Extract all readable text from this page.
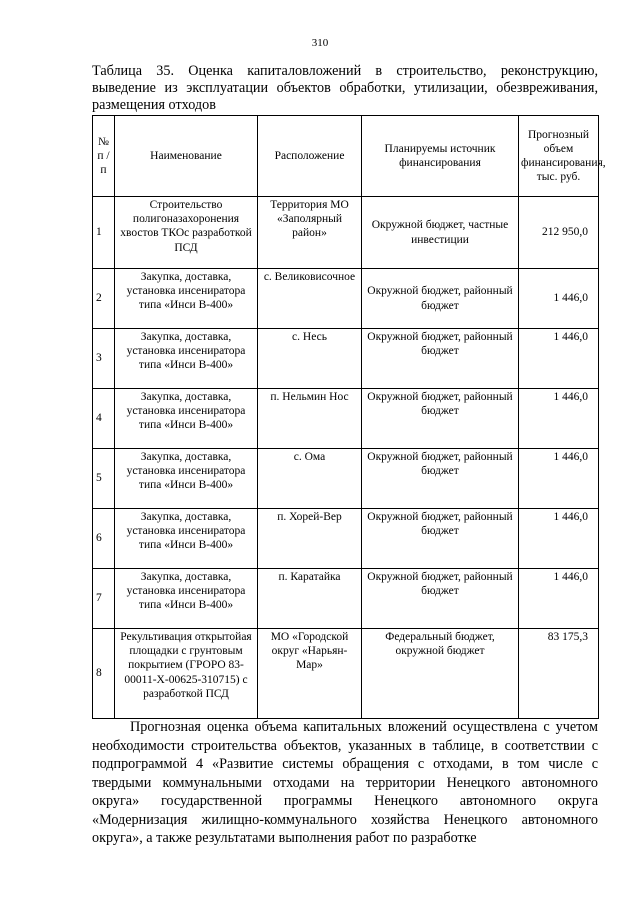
310
Таблица 35. Оценка капиталовложений в строительство, реконструкцию, выведение из эксплуатации объектов обработки, утилизации, обезвреживания, размещения отходов
№ п / п	Наименование	Расположение	Планируемы источник финансирования	Прогнозный объем финансирования, тыс. руб.
1	Строительство полигоназахоронения хвостов ТКОс разработкой ПСД	Территория МО «Заполярный район»	Окружной бюджет, частные инвестиции	212 950,0
2	Закупка, доставка, установка инсениратора типа «Инси В-400»	с. Великовисочное	Окружной бюджет, районный бюджет	1 446,0
3	Закупка, доставка, установка инсениратора типа «Инси В-400»	с. Несь	Окружной бюджет, районный бюджет	1 446,0
4	Закупка, доставка, установка инсениратора типа «Инси В-400»	п. Нельмин Нос	Окружной бюджет, районный бюджет	1 446,0
5	Закупка, доставка, установка инсениратора типа «Инси В-400»	с. Ома	Окружной бюджет, районный бюджет	1 446,0
6	Закупка, доставка, установка инсениратора типа «Инси В-400»	п. Хорей-Вер	Окружной бюджет, районный бюджет	1 446,0
7	Закупка, доставка, установка инсениратора типа «Инси В-400»	п. Каратайка	Окружной бюджет, районный бюджет	1 446,0
8	Рекультивация открытойая площадки с грунтовым покрытием (ГРОРО 83-00011-Х-00625-310715) с разработкой ПСД	МО «Городской округ «Нарьян-Мар»	Федеральный бюджет, окружной бюджет	83 175,3

Прогнозная оценка объема капитальных вложений осуществлена с учетом необходимости строительства объектов, указанных в таблице, в соответствии с подпрограммой 4 «Развитие системы обращения с отходами, в том числе с твердыми коммунальными отходами на территории Ненецкого автономного округа» государственной программы Ненецкого автономного округа «Модернизация жилищно-коммунального хозяйства Ненецкого автономного округа», а также результатами выполнения работ по разработке
